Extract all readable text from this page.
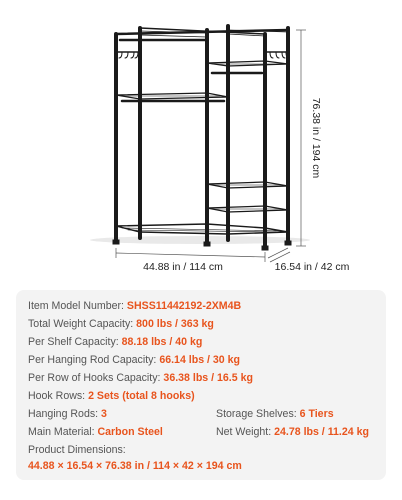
76.38 in / 194 cm
44.88 in / 114 cm	16.54 in / 42 cm
Item Model Number: SHSS11442192-2XM4B
Total Weight Capacity: 800 lbs / 363 kg
Per Shelf Capacity: 88.18 lbs / 40 kg
Per Hanging Rod Capacity: 66.14 lbs / 30 kg
Per Row of Hooks Capacity: 36.38 lbs / 16.5 kg
Hook Rows: 2 Sets (total 8 hooks)
Hanging Rods: 3	Storage Shelves: 6 Tiers
Main Material: Carbon Steel	Net Weight: 24.78 lbs / 11.24 kg
Product Dimensions:
44.88 × 16.54 × 76.38 in / 114 × 42 × 194 cm
